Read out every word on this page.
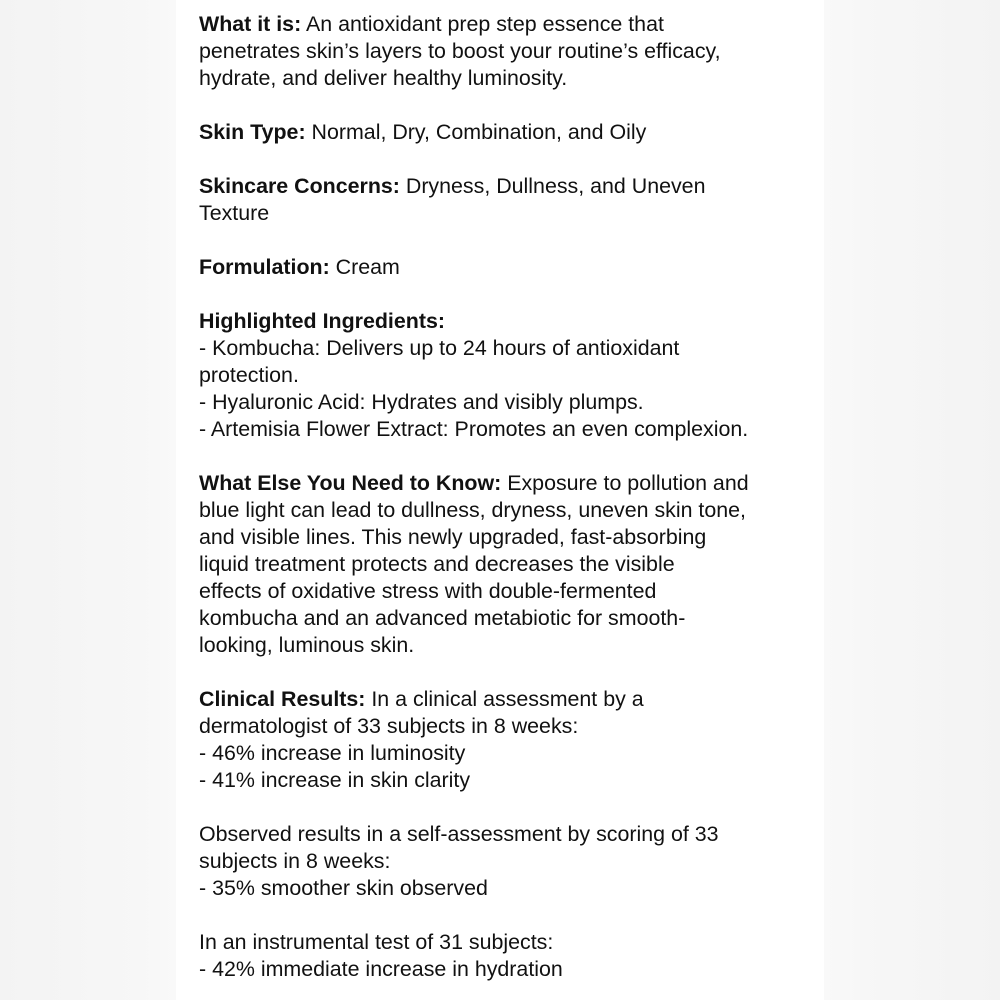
What it is: An antioxidant prep step essence that
penetrates skin’s layers to boost your routine’s efficacy,
hydrate, and deliver healthy luminosity.
Skin Type: Normal, Dry, Combination, and Oily
Skincare Concerns: Dryness, Dullness, and Uneven
Texture
Formulation: Cream
Highlighted Ingredients:
- Kombucha: Delivers up to 24 hours of antioxidant
protection.
- Hyaluronic Acid: Hydrates and visibly plumps.
- Artemisia Flower Extract: Promotes an even complexion.
What Else You Need to Know: Exposure to pollution and
blue light can lead to dullness, dryness, uneven skin tone,
and visible lines. This newly upgraded, fast-absorbing
liquid treatment protects and decreases the visible
effects of oxidative stress with double-fermented
kombucha and an advanced metabiotic for smooth-
looking, luminous skin.
Clinical Results: In a clinical assessment by a
dermatologist of 33 subjects in 8 weeks:
- 46% increase in luminosity
- 41% increase in skin clarity
Observed results in a self-assessment by scoring of 33
subjects in 8 weeks:
- 35% smoother skin observed
In an instrumental test of 31 subjects:
- 42% immediate increase in hydration
